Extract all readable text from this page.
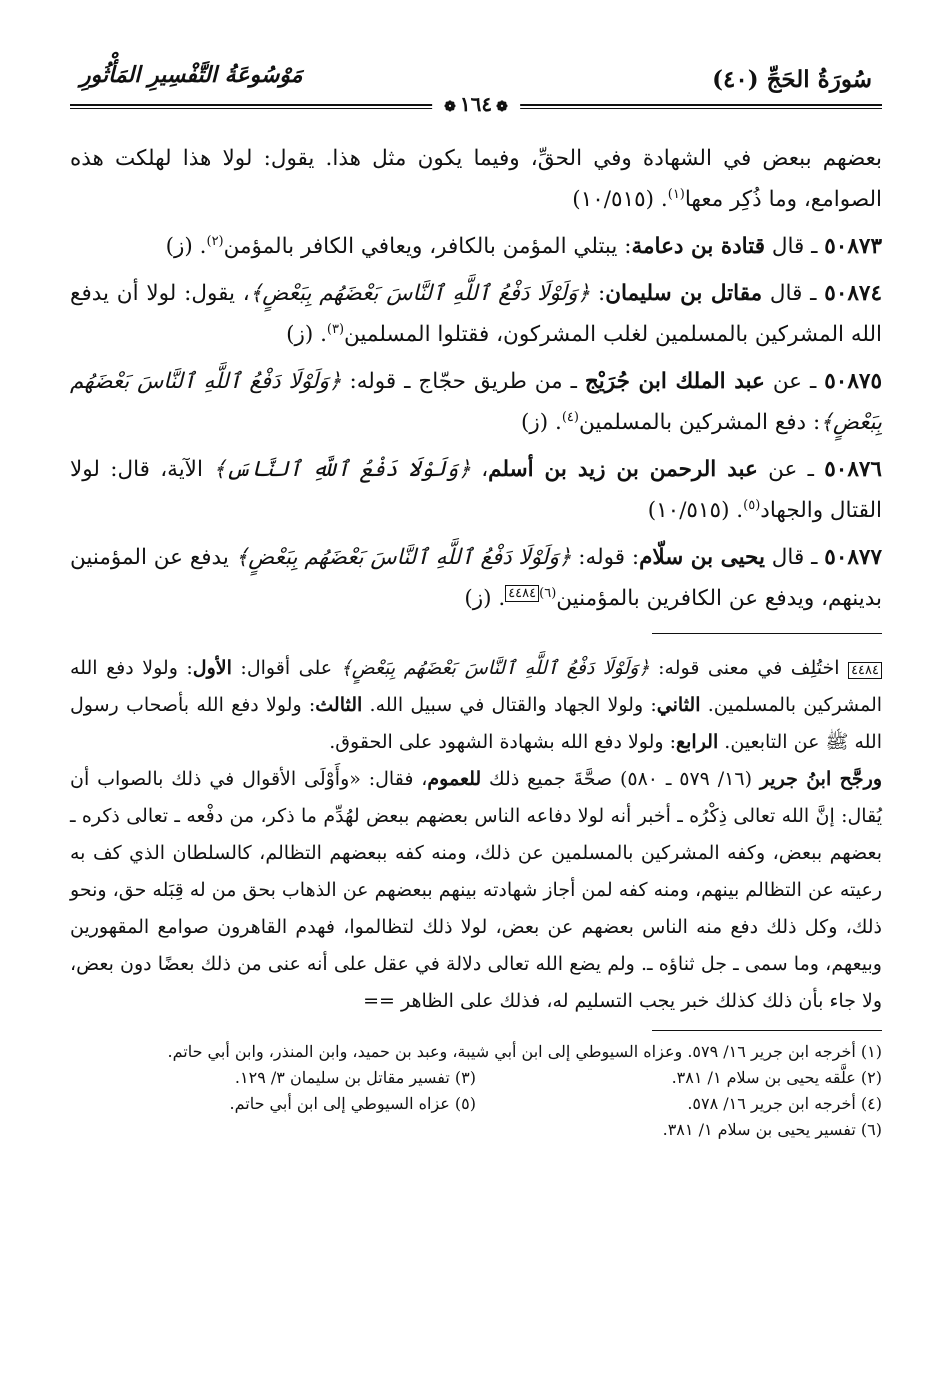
سُورَةُ الحَجِّ (٤٠)
مَوْسُوعَةُ التَّفْسِيرِ المَأْثُورِ
❁١٦٤❁

بعضهم ببعض في الشهادة وفي الحقِّ، وفيما يكون مثل هذا. يقول: لولا هذا لهلكت هذه الصوامع، وما ذُكِر معها$^{(١)}$. (١٠/٥١٥)

٥٠٨٧٣ ـ قال قتادة بن دعامة: يبتلي المؤمن بالكافر، ويعافي الكافر بالمؤمن$^{(٢)}$. (ز)

٥٠٨٧٤ ـ قال مقاتل بن سليمان: ﴿وَلَوْلَا دَفْعُ ٱللَّهِ ٱلنَّاسَ بَعْضَهُم بِبَعْضٍ﴾، يقول: لولا أن يدفع الله المشركين بالمسلمين لغلب المشركون، فقتلوا المسلمين$^{(٣)}$. (ز)

٥٠٨٧٥ ـ عن عبد الملك ابن جُرَيْج ـ من طريق حجّاج ـ قوله: ﴿وَلَوْلَا دَفْعُ ٱللَّهِ ٱلنَّاسَ بَعْضَهُم بِبَعْضٍ﴾: دفع المشركين بالمسلمين$^{(٤)}$. (ز)

٥٠٨٧٦ ـ عن عبد الرحمن بن زيد بن أسلم، ﴿وَلَوْلَا دَفْعُ ٱللَّهِ ٱلنَّاسَ﴾ الآية، قال: لولا القتال والجهاد$^{(٥)}$. (١٠/٥١٥)

٥٠٨٧٧ ـ قال يحيى بن سلّام: قوله: ﴿وَلَوْلَا دَفْعُ ٱللَّهِ ٱلنَّاسَ بَعْضَهُم بِبَعْضٍ﴾ يدفع عن المؤمنين بدينهم، ويدفع عن الكافرين بالمؤمنين$^{(٦)}$٤٤٨٤. (ز)

٤٤٨٤ اختُلِف في معنى قوله: ﴿وَلَوْلَا دَفْعُ ٱللَّهِ ٱلنَّاسَ بَعْضَهُم بِبَعْضٍ﴾ على أقوال: الأول: ولولا دفع الله المشركين بالمسلمين. الثاني: ولولا الجهاد والقتال في سبيل الله. الثالث: ولولا دفع الله بأصحاب رسول الله ﷺ عن التابعين. الرابع: ولولا دفع الله بشهادة الشهود على الحقوق.

ورجَّح ابنُ جرير (١٦/ ٥٧٩ ـ ٥٨٠) صحَّةَ جميع ذلك للعموم، فقال: «وأَوْلَى الأقوال في ذلك بالصواب أن يُقال: إنَّ الله تعالى ذِكْرُه ـ أخبر أنه لولا دفاعه الناس بعضهم ببعض لهُدِّم ما ذكر، من دفْعه ـ تعالى ذكره ـ بعضهم ببعض، وكفه المشركين بالمسلمين عن ذلك، ومنه كفه ببعضهم التظالم، كالسلطان الذي كف به رعيته عن التظالم بينهم، ومنه كفه لمن أجاز شهادته بينهم ببعضهم عن الذهاب بحق من له قِبَله حق، ونحو ذلك، وكل ذلك دفع منه الناس بعضهم عن بعض، لولا ذلك لتظالموا، فهدم القاهرون صوامع المقهورين وبيعهم، وما سمى ـ جل ثناؤه ـ. ولم يضع الله تعالى دلالة في عقل على أنه عنى من ذلك بعضًا دون بعض، ولا جاء بأن ذلك كذلك خبر يجب التسليم له، فذلك على الظاهر ==

(١) أخرجه ابن جرير ١٦/ ٥٧٩. وعزاه السيوطي إلى ابن أبي شيبة، وعبد بن حميد، وابن المنذر، وابن أبي حاتم.
(٢) علَّقه يحيى بن سلام ١/ ٣٨١.
(٣) تفسير مقاتل بن سليمان ٣/ ١٢٩.
(٤) أخرجه ابن جرير ١٦/ ٥٧٨.
(٥) عزاه السيوطي إلى ابن أبي حاتم.
(٦) تفسير يحيى بن سلام ١/ ٣٨١.
